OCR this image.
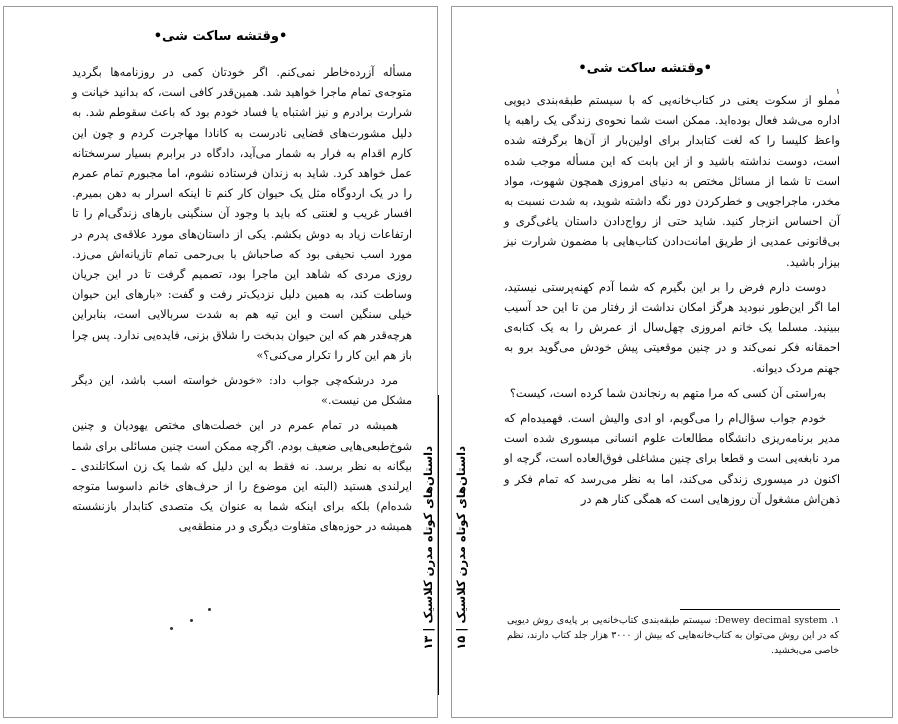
•وقتشه ساکت شی•

مسأله آزرده‌خاطر نمی‌کنم. اگر خودتان کمی در روزنامه‌ها بگردید متوجه‌ی تمام ماجرا خواهید شد. همین‌قدر کافی است، که بدانید خیانت و شرارت برادرم و نیز اشتباه یا فساد خودم بود که باعث سقوطم شد. به دلیل مشورت‌های قضایی نادرست به کانادا مهاجرت کردم و چون این کارم اقدام به فرار به شمار می‌آید، دادگاه در برابرم بسیار سرسختانه عمل خواهد کرد. شاید به زندان فرستاده نشوم، اما مجبورم تمام عمرم را در یک اردوگاه مثل یک حیوان کار کنم تا اینکه اسرار به دهن بمیرم. افسار غریب و لعنتی که باید با وجود آن سنگینی بارهای زندگی‌ام را تا ارتفاعات زیاد به دوش بکشم. یکی از داستان‌های مورد علاقه‌ی پدرم در مورد اسب نحیفی بود که صاحباش با بی‌رحمی تمام تازیانه‌اش می‌زد. روزی مردی که شاهد این ماجرا بود، تصمیم گرفت تا در این جریان وساطت کند، به همین دلیل نزدیک‌تر رفت و گفت: «بارهای این حیوان خیلی سنگین است و این تیه هم به شدت سربالایی است، بنابراین هرچه‌قدر هم که این حیوان بدبخت را شلاق بزنی، فایده‌یی ندارد. پس چرا باز هم این کار را تکرار می‌کنی؟»

مرد درشکه‌چی جواب داد: «خودش خواسته اسب باشد، این دیگر مشکل من نیست.»

همیشه در تمام عمرم در این خصلت‌های مختص یهودیان و چنین شوخ‌طبعی‌هایی ضعیف بودم. اگرچه ممکن است چنین مسائلی برای شما بیگانه به نظر برسد. نه فقط به این دلیل که شما یک زن اسکاتلندی ـ ایرلندی هستید (البته این موضوع را از حرف‌های خانم داسوسا متوجه شده‌ام) بلکه برای اینکه شما به عنوان یک متصدی کتابدار بازنشسته همیشه در حوزه‌های متفاوت دیگری و در منطقه‌یی

•وقتشه ساکت شی•

مملو از سکوت یعنی در کتاب‌خانه‌یی که با سیستم طبقه‌بندی دیویی اداره می‌شد فعال بوده‌اید. ممکن است شما نحوه‌ی زندگی یک راهبه یا واعظ کلیسا را که لغت کتابدار برای اولین‌بار از آن‌ها برگرفته شده است، دوست نداشته باشید و از این بابت که این مسأله موجب شده است تا شما از مسائل مختص به دنیای امروزی همچون شهوت، مواد مخدر، ماجراجویی و خطرکردن دور نگه داشته شوید، به شدت نسبت به آن احساس انزجار کنید. شاید حتی از رواج‌دادن داستان یاغی‌گری و بی‌قانونی عمدیی از طریق امانت‌دادن کتاب‌هایی با مضمون شرارت نیز بیزار باشید.

دوست دارم فرض را بر این بگیرم که شما آدم کهنه‌پرستی نیستید، اما اگر این‌طور نبودید هرگز امکان نداشت از رفتار من تا این حد آسیب ببینید. مسلما یک خانم امروزی چهل‌سال از عمرش را به یک کتابه‌ی احمقانه فکر نمی‌کند و در چنین موقعیتی پیش خودش می‌گوید برو به جهنم مردک دیوانه.

به‌راستی آن کسی که مرا متهم به رنجاندن شما کرده است، کیست؟

خودم جواب سؤال‌ام را می‌گویم، او ادی والیش است. فهمیده‌ام که مدیر برنامه‌ریزی دانشگاه مطالعات علوم انسانی میسوری شده است مرد نابغه‌یی است و قطعا برای چنین مشاغلی فوق‌العاده است، گرچه او اکنون در میسوری زندگی می‌کند، اما به نظر می‌رسد که تمام فکر و ذهن‌اش مشغول آن روزهایی است که همگی کنار هم در

۱
۱. Dewey decimal system: سیستم طبقه‌بندی کتاب‌خانه‌یی بر پایه‌ی روش دیویی که در این روش می‌توان به کتاب‌خانه‌هایی که بیش از ۳۰۰۰ هزار جلد کتاب دارند، نظم خاصی می‌بخشید.
داستان‌های کوتاه مدرن کلاسیک | ۱۳
داستان‌های کوتاه مدرن کلاسیک | ۱۵
